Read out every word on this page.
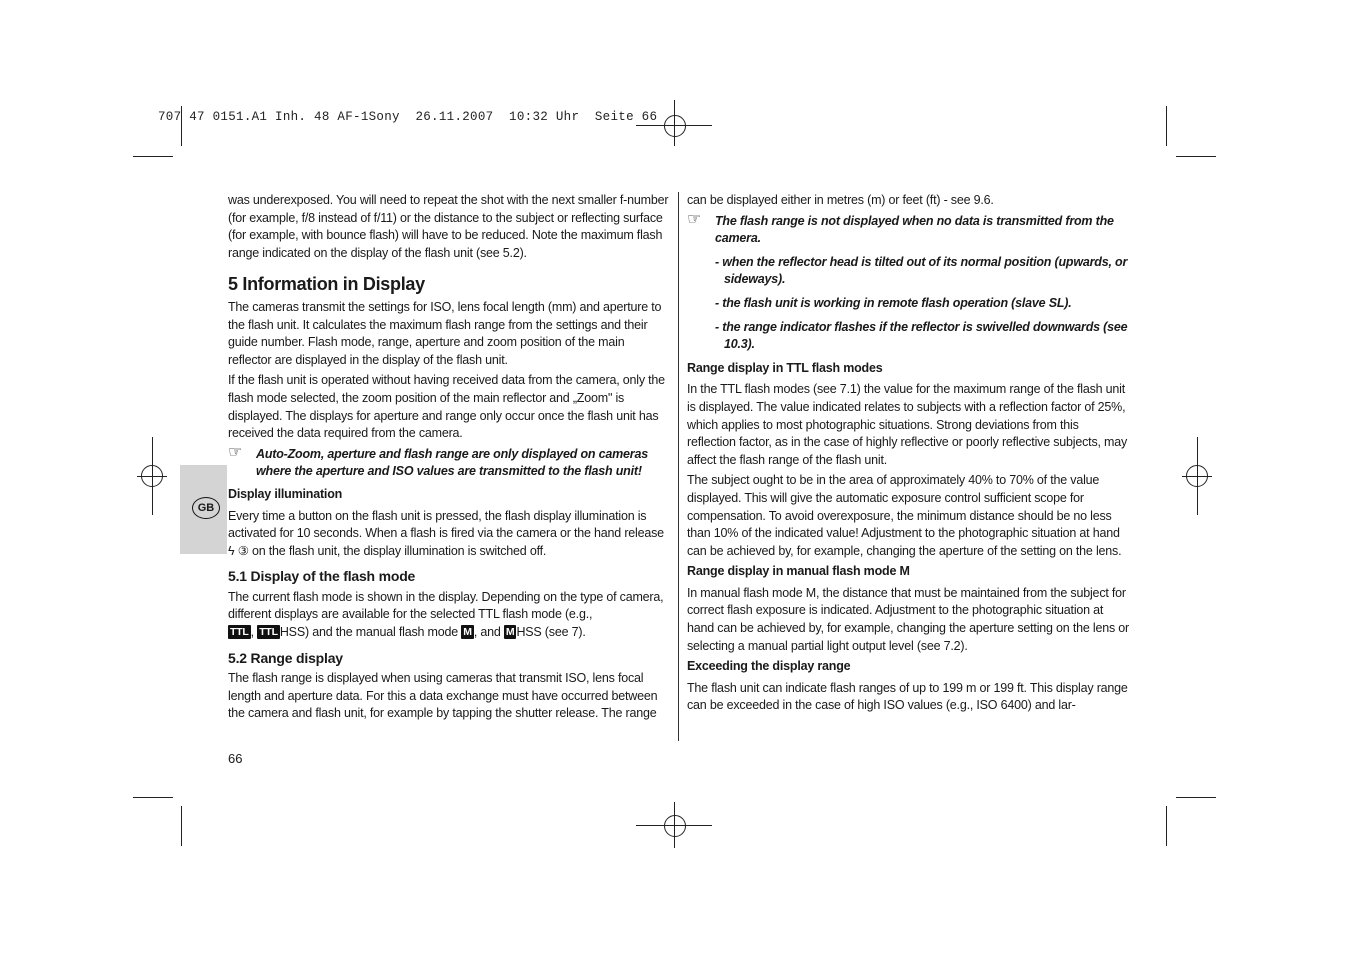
707 47 0151.A1 Inh. 48 AF-1Sony  26.11.2007  10:32 Uhr  Seite 66
GB

was underexposed. You will need to repeat the shot with the next smaller f-number (for example, f/8 instead of f/11) or the distance to the subject or reflecting surface (for example, with bounce flash) will have to be reduced. Note the maximum flash range indicated on the display of the flash unit (see 5.2).

5 Information in Display

The cameras transmit the settings for ISO, lens focal length (mm) and aperture to the flash unit. It calculates the maximum flash range from the settings and their guide number. Flash mode, range, aperture and zoom position of the main reflector are displayed in the display of the flash unit.

If the flash unit is operated without having received data from the camera, only the flash mode selected, the zoom position of the main reflector and „Zoom" is displayed. The displays for aperture and range only occur once the flash unit has received the data required from the camera.

☞ Auto-Zoom, aperture and flash range are only displayed on cameras where the aperture and ISO values are transmitted to the flash unit!
Display illumination

Every time a button on the flash unit is pressed, the flash display illumination is activated for 10 seconds. When a flash is fired via the camera or the hand release ϟ ③ on the flash unit, the display illumination is switched off.

5.1 Display of the flash mode

The current flash mode is shown in the display. Depending on the type of camera, different displays are available for the selected TTL flash mode (e.g.,
TTL , TTL HSS) and the manual flash mode M , and M HSS (see 7).

5.2 Range display

The flash range is displayed when using cameras that transmit ISO, lens focal length and aperture data. For this a data exchange must have occurred between the camera and flash unit, for example by tapping the shutter release. The range

66

can be displayed either in metres (m) or feet (ft) - see 9.6.

☞ The flash range is not displayed when no data is transmitted from the camera.
- when the reflector head is tilted out of its normal position (upwards, or sideways).
- the flash unit is working in remote flash operation (slave SL).
- the range indicator flashes if the reflector is swivelled downwards (see 10.3).
Range display in TTL flash modes

In the TTL flash modes (see 7.1) the value for the maximum range of the flash unit is displayed. The value indicated relates to subjects with a reflection factor of 25%, which applies to most photographic situations. Strong deviations from this reflection factor, as in the case of highly reflective or poorly reflective subjects, may affect the flash range of the flash unit.

The subject ought to be in the area of approximately 40% to 70% of the value displayed. This will give the automatic exposure control sufficient scope for compensation. To avoid overexposure, the minimum distance should be no less than 10% of the indicated value! Adjustment to the photographic situation at hand can be achieved by, for example, changing the aperture of the setting on the lens.

Range display in manual flash mode M

In manual flash mode M, the distance that must be maintained from the subject for correct flash exposure is indicated. Adjustment to the photographic situation at hand can be achieved by, for example, changing the aperture setting on the lens or selecting a manual partial light output level (see 7.2).

Exceeding the display range

The flash unit can indicate flash ranges of up to 199 m or 199 ft. This display range can be exceeded in the case of high ISO values (e.g., ISO 6400) and lar-
